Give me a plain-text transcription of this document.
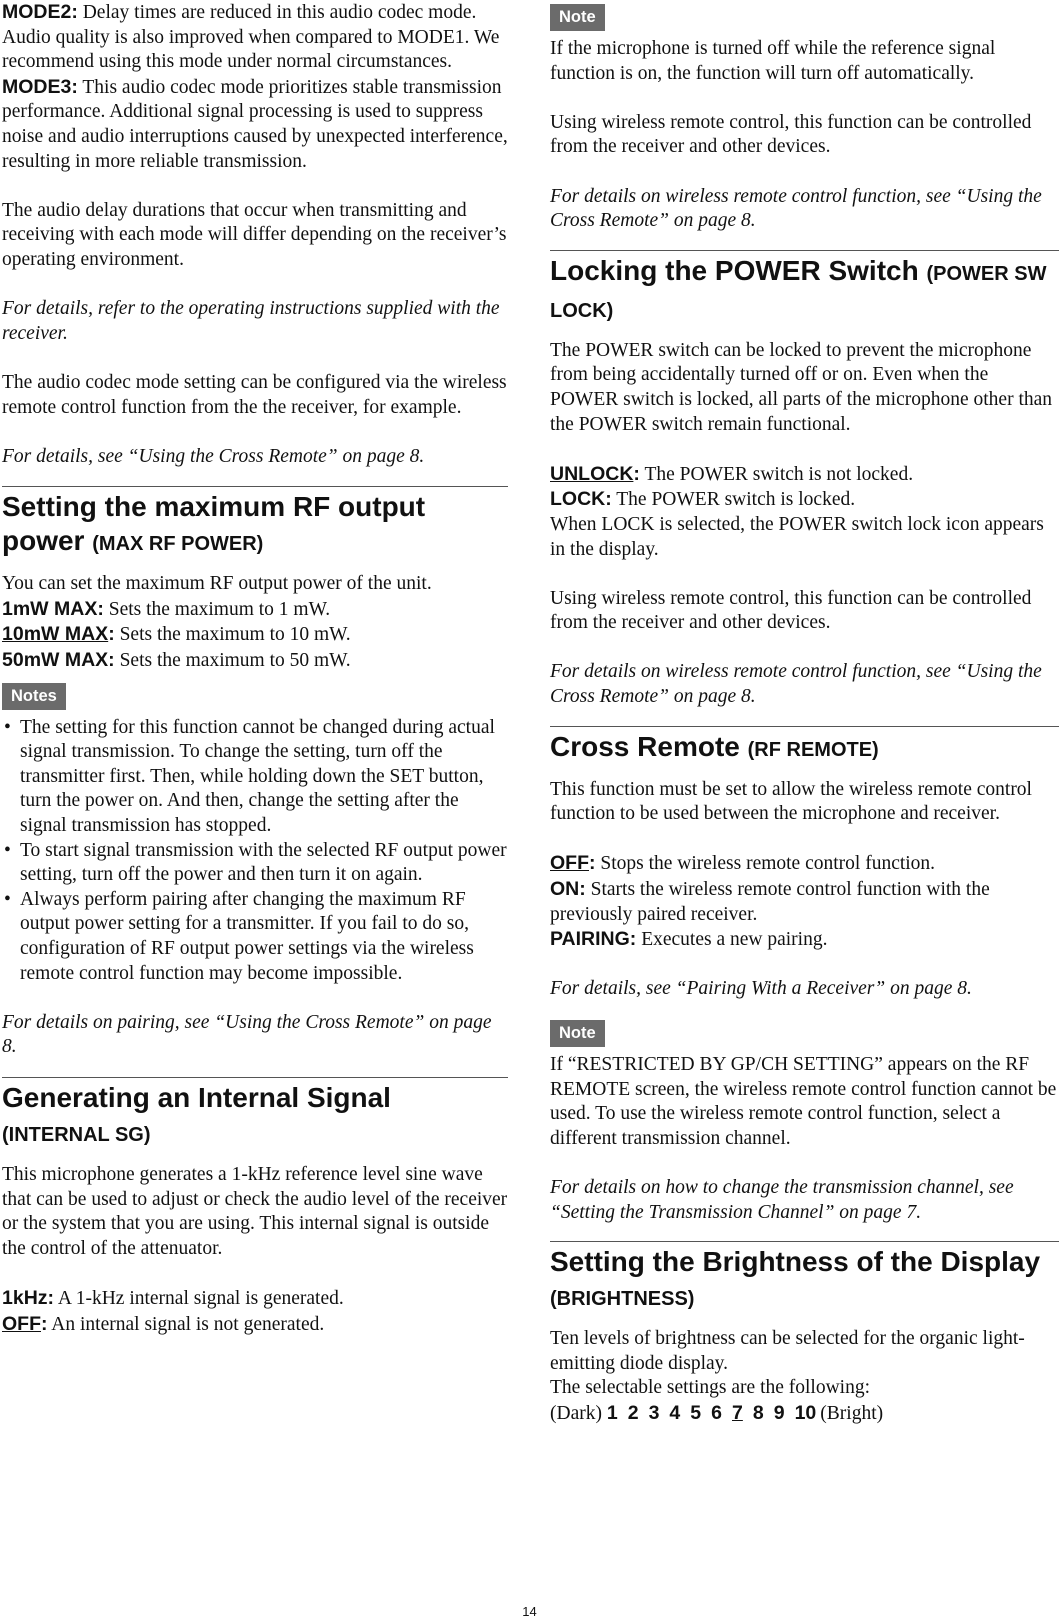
MODE2: Delay times are reduced in this audio codec mode. Audio quality is also improved when compared to MODE1. We recommend using this mode under normal circumstances.

MODE3: This audio codec mode prioritizes stable transmission performance. Additional signal processing is used to suppress noise and audio interruptions caused by unexpected interference, resulting in more reliable transmission.

The audio delay durations that occur when transmitting and receiving with each mode will differ depending on the receiver’s operating environment.

For details, refer to the operating instructions supplied with the receiver.

The audio codec mode setting can be configured via the wireless remote control function from the the receiver, for example.

For details, see “Using the Cross Remote” on page 8.

Setting the maximum RF output power (MAX RF POWER)

You can set the maximum RF output power of the unit.

1mW MAX: Sets the maximum to 1 mW.

10mW MAX: Sets the maximum to 10 mW.

50mW MAX: Sets the maximum to 50 mW.

Notes
• The setting for this function cannot be changed during actual signal transmission. To change the setting, turn off the transmitter first. Then, while holding down the SET button, turn the power on. And then, change the setting after the signal transmission has stopped.
• To start signal transmission with the selected RF output power setting, turn off the power and then turn it on again.
• Always perform pairing after changing the maximum RF output power setting for a transmitter. If you fail to do so, configuration of RF output power settings via the wireless remote control function may become impossible.

For details on pairing, see “Using the Cross Remote” on page 8.

Generating an Internal Signal
(INTERNAL SG)

This microphone generates a 1-kHz reference level sine wave that can be used to adjust or check the audio level of the receiver or the system that you are using. This internal signal is outside the control of the attenuator.

1kHz: A 1-kHz internal signal is generated.

OFF: An internal signal is not generated.

Note

If the microphone is turned off while the reference signal function is on, the function will turn off automatically.

Using wireless remote control, this function can be controlled from the receiver and other devices.

For details on wireless remote control function, see “Using the Cross Remote” on page 8.

Locking the POWER Switch (POWER SW LOCK)

The POWER switch can be locked to prevent the microphone from being accidentally turned off or on. Even when the POWER switch is locked, all parts of the microphone other than the POWER switch remain functional.

UNLOCK: The POWER switch is not locked.

LOCK: The POWER switch is locked.

When LOCK is selected, the POWER switch lock icon appears in the display.

Using wireless remote control, this function can be controlled from the receiver and other devices.

For details on wireless remote control function, see “Using the Cross Remote” on page 8.

Cross Remote (RF REMOTE)

This function must be set to allow the wireless remote control function to be used between the microphone and receiver.

OFF: Stops the wireless remote control function.

ON: Starts the wireless remote control function with the previously paired receiver.

PAIRING: Executes a new pairing.

For details, see “Pairing With a Receiver” on page 8.

Note

If “RESTRICTED BY GP/CH SETTING” appears on the RF REMOTE screen, the wireless remote control function cannot be used. To use the wireless remote control function, select a different transmission channel.

For details on how to change the transmission channel, see “Setting the Transmission Channel” on page 7.

Setting the Brightness of the Display
(BRIGHTNESS)

Ten levels of brightness can be selected for the organic light-emitting diode display.

The selectable settings are the following:

(Dark) 1 2 3 4 5 6 7 8 9 10 (Bright)

14
